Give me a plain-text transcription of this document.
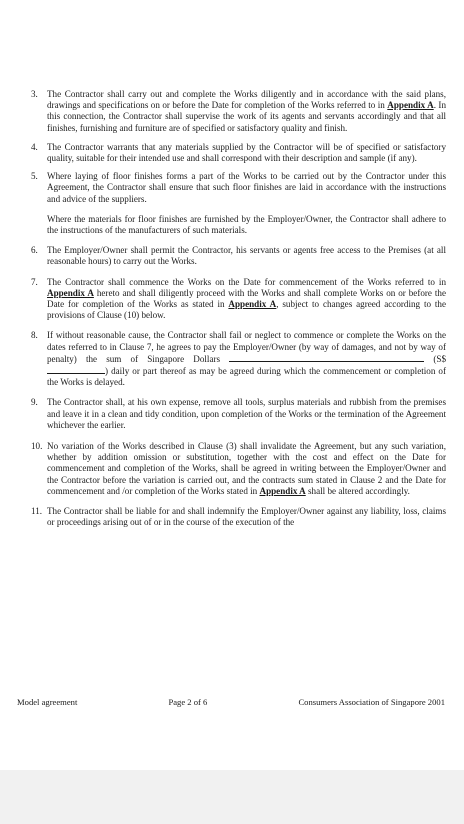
3.	The Contractor shall carry out and complete the Works diligently and in accordance with the said plans, drawings and specifications on or before the Date for completion of the Works referred to in Appendix A. In this connection, the Contractor shall supervise the work of its agents and servants accordingly and that all finishes, furnishing and furniture are of specified or satisfactory quality and finish.
4.	The Contractor warrants that any materials supplied by the Contractor will be of specified or satisfactory quality, suitable for their intended use and shall correspond with their description and sample (if any).
5.	Where laying of floor finishes forms a part of the Works to be carried out by the Contractor under this Agreement, the Contractor shall ensure that such floor finishes are laid in accordance with the instructions and advice of the suppliers.

Where the materials for floor finishes are furnished by the Employer/Owner, the Contractor shall adhere to the instructions of the manufacturers of such materials.

6.	The Employer/Owner shall permit the Contractor, his servants or agents free access to the Premises (at all reasonable hours) to carry out the Works.
7.	The Contractor shall commence the Works on the Date for commencement of the Works referred to in Appendix A hereto and shall diligently proceed with the Works and shall complete Works on or before the Date for completion of the Works as stated in Appendix A, subject to changes agreed according to the provisions of Clause (10) below.
8.	If without reasonable cause, the Contractor shall fail or neglect to commence or complete the Works on the dates referred to in Clause 7, he agrees to pay the Employer/Owner (by way of damages, and not by way of penalty) the sum of Singapore Dollars	(S$) daily or part thereof as may be agreed during which the commencement or completion of the Works is delayed.
9.	The Contractor shall, at his own expense, remove all tools, surplus materials and rubbish from the premises and leave it in a clean and tidy condition, upon completion of the Works or the termination of the Agreement whichever the earlier.
10. No variation of the Works described in Clause (3) shall invalidate the Agreement, but any such variation, whether by addition omission or substitution, together with the cost and effect on the Date for commencement and completion of the Works, shall be agreed in writing between the Employer/Owner and the Contractor before the variation is carried out, and the contracts sum stated in Clause 2 and the Date for commencement and /or completion of the Works stated in Appendix A shall be altered accordingly.
11. The Contractor shall be liable for and shall indemnify the Employer/Owner against any liability, loss, claims or proceedings arising out of or in the course of the execution of the
Model agreement	Page 2 of 6	Consumers Association of Singapore 2001
